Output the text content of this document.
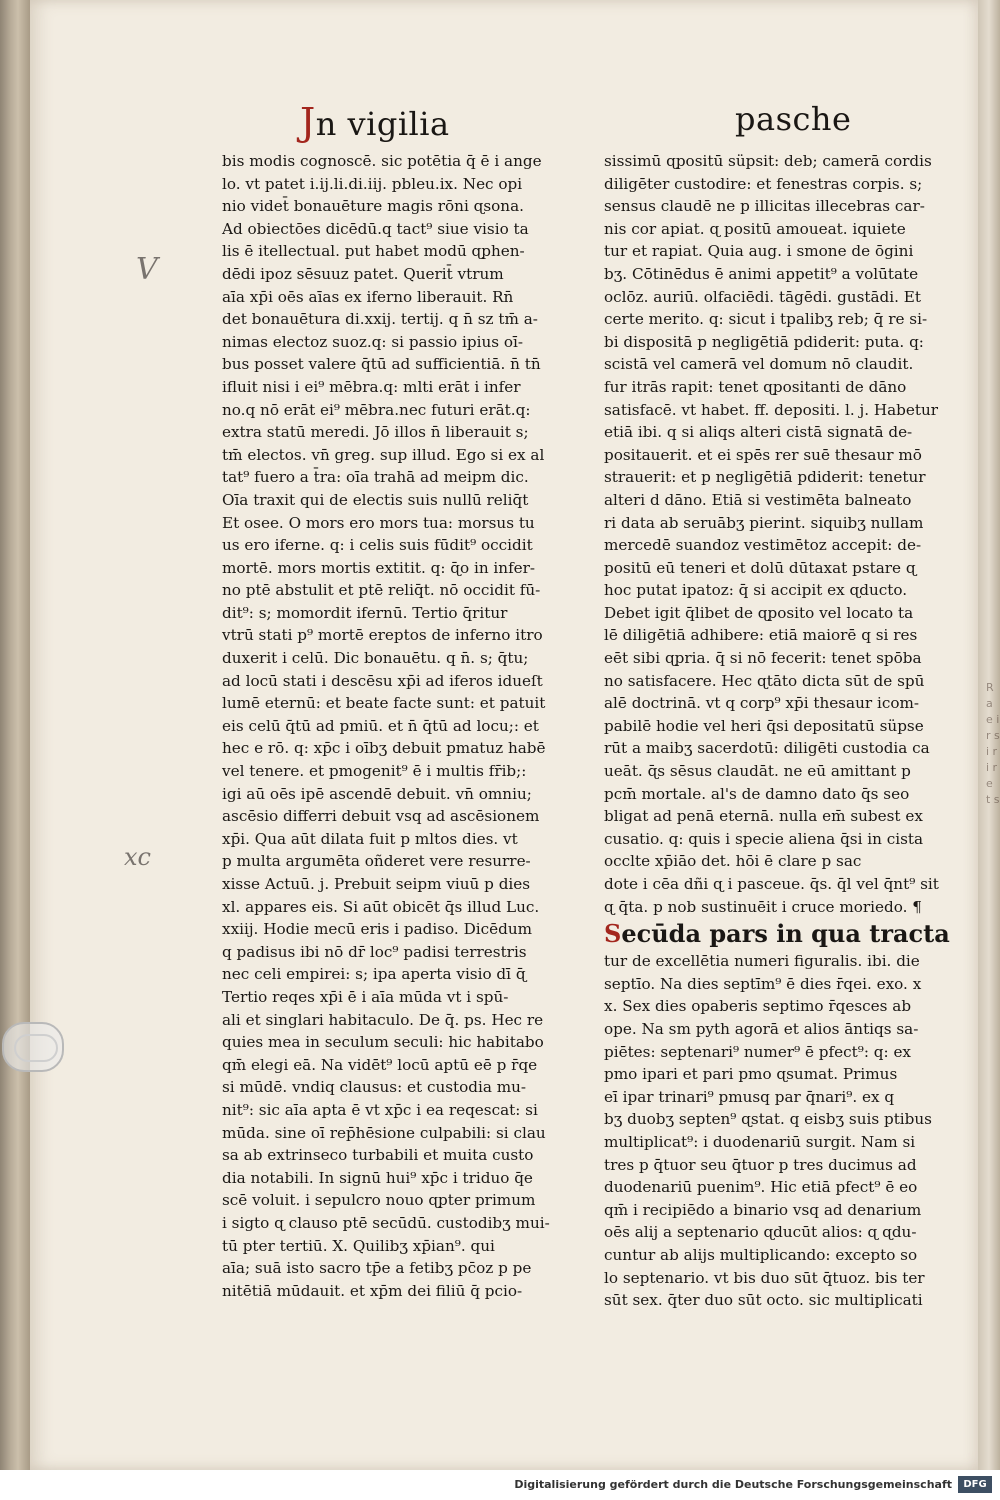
R a e i r s i r i r e t s
Jn vigilia	pasche
bis modis cognoscē. sic potētia q̄ ē i ange
lo. vt patet i.ij.li.di.iij. pbleu.ix. Nec opi
nio videt̄ bonauēture magis rōni ɋsona.
Ad obiectōes dicēdū.q tact⁹ siue visio ta
lis ē itellectual. put habet modū ɋphen-
dēdi ipoz sēsuuz patet. Querit̄ vtrum
aīa xp̄i oēs aīas ex iferno liberauit. Rn̄
det bonauētura di.xxij. tertij. q n̄ sz tm̄ a-
nimas electoz suoz.q: si passio ipius oī-
bus posset valere q̄tū ad sufficientiā. n̄ tn̄
ifluit nisi i ei⁹ mēbra.q: mlti erāt i infer
no.q nō erāt ei⁹ mēbra.nec futuri erāt.q:
extra statū meredi. Jō illos n̄ liberauit s;
tm̄ electos. vn̄ greg. sup illud. Ego si ex al
tat⁹ fuero a t̄ra: oīa trahā ad meipm dic.
Oīa traxit qui de electis suis nullū reliq̄t
Et osee. O mors ero mors tua: morsus tu
us ero iferne. q: i celis suis fūdit⁹ occidit
mortē. mors mortis extitit. q: ɋ̄o in infer-
no ptē abstulit et ptē reliq̄t. nō occidit fū-
dit⁹: s; momordit ifernū. Tertio q̄ritur
vtrū stati p⁹ mortē ereptos de inferno itro
duxerit i celū. Dic bonauētu. q n̄. s; q̄tu;
ad locū stati i descēsu xp̄i ad iferos idueſt
lumē eternū: et beate facte sunt: et patuit
eis celū q̄tū ad pmiū. et n̄ q̄tū ad locu;: et
hec e rō. q: xp̄c i oībʒ debuit pmatuz habē
vel tenere. et pmogenit⁹ ē i multis fr̄ib;:
igi aū oēs ipē ascendē debuit. vn̄ omniu;
ascēsio differri debuit vsq ad ascēsionem
xp̄i. Qua aūt dilata fuit p mltos dies. vt
p multa argumēta oñderet vere resurre-
xisse Actuū. j. Prebuit seipm viuū p dies
xl. appares eis. Si aūt obicēt q̄s illud Luc.
xxiij. Hodie mecū eris i padiso. Dicēdum
q padisus ibi nō dr̄ loc⁹ padisi terrestris
nec celi empirei: s; ipa aperta visio dī ɋ̄
Tertio reqes xp̄i ē i aīa mūda vt i spū-
ali et singlari habitaculo. De q̄. ps. Hec re
quies mea in seculum seculi: hic habitabo
qm̄ elegi eā. Na vidēt⁹ locū aptū eē p r̄qe
si mūdē. vndiq clausus: et custodia mu-
nit⁹: sic aīa apta ē vt xp̄c i ea reqescat: si
mūda. sine oī rep̄hēsione culpabili: si clau
sa ab extrinseco turbabili et muita custo
dia notabili. In signū hui⁹ xp̄c i triduo q̄e
scē voluit. i sepulcro nouo ɋpter primum
i sigto ɋ clauso ptē secūdū. custodibʒ mui-
tū pter tertiū. X. Quilibʒ xp̄ian⁹. qui
aīa; suā isto sacro tp̄e a fetibʒ pc̄oz p pe
nitētiā mūdauit. et xp̄m dei filiū q̄ pcio-
sissimū ɋpositū süpsit: deb; camerā cordis
diligēter custodire: et fenestras corpis. s;
sensus claudē ne p illicitas illecebras car-
nis cor apiat. ɋ positū amoueat. iquiete
tur et rapiat. Quia aug. i smone de ōgini
bʒ. Cōtinēdus ē animi appetit⁹ a volūtate
oclōz. auriū. olfaciēdi. tāgēdi. gustādi. Et
certe merito. q: sicut i tpalibʒ reb; q̄ re si-
bi dispositā p negligētiā pdiderit: puta. q:
scistā vel camerā vel domum nō claudit.
fur itrās rapit: tenet ɋpositanti de dāno
satisfacē. vt habet. ff. depositi. l. j. Habetur
etiā ibi. q si aliqs alteri cistā signatā de-
positauerit. et ei spēs rer suē thesaur mō
strauerit: et p negligētiā pdiderit: tenetur
alteri d dāno. Etiā si vestimēta balneato
ri data ab seruābʒ pierint. siquibʒ nullam
mercedē suandoz vestimētoz accepit: de-
positū eū teneri et dolū dūtaxat pstare ɋ
hoc putat ipatoz: q̄ si accipit ex ɋducto.
Debet igit q̄libet de ɋposito vel locato ta
lē diligētiā adhibere: etiā maiorē q si res
eēt sibi ɋpria. q̄ si nō fecerit: tenet spōba
no satisfacere. Hec ɋtāto dicta sūt de spū
alē doctrinā. vt q corp⁹ xp̄i thesaur icom-
pabilē hodie vel heri q̄si depositatū süpse
rūt a maibʒ sacerdotū: diligēti custodia ca
ueāt. ɋ̄s sēsus claudāt. ne eū amittant p
pcm̄ mortale. al's de damno dato q̄s seo
bligat ad penā eternā. nulla em̄ subest ex
cusatio. q: quis i specie aliena q̄si in cista
occlte xp̄iāo det. hōi ē clare p sac
dote i cēa dñi ɋ i pasceue. q̄s. q̄l vel q̄nt⁹ sit
ɋ q̄ta. p nob sustinuēit i cruce moriedo. ¶
Secūda pars in qua tracta
tur de excellētia numeri figuralis. ibi. die
septīo. Na dies septīm⁹ ē dies r̄qei. exo. x
x. Sex dies opaberis septimo r̄qesces ab
ope. Na sm pyth agorā et alios āntiqs sa-
piētes: septenari⁹ numer⁹ ē pfect⁹: q: ex
pmo ipari et pari pmo ɋsumat. Primus
eī ipar trinari⁹ pmusq par q̄nari⁹. ex q
bʒ duobʒ septen⁹ ɋstat. q eisbʒ suis ptibus
multiplicat⁹: i duodenariū surgit. Nam si
tres p q̄tuor seu q̄tuor p tres ducimus ad
duodenariū puenim⁹. Hic etiā pfect⁹ ē eo
qm̄ i recipiēdo a binario vsq ad denarium
oēs alij a septenario ɋducūt alios: ɋ ɋdu-
cuntur ab alijs multiplicando: excepto so
lo septenario. vt bis duo sūt q̄tuoz. bis ter
sūt sex. q̄ter duo sūt octo. sic multiplicati
V
xc
Digitalisierung gefördert durch die Deutsche Forschungsgemeinschaft	DFG
